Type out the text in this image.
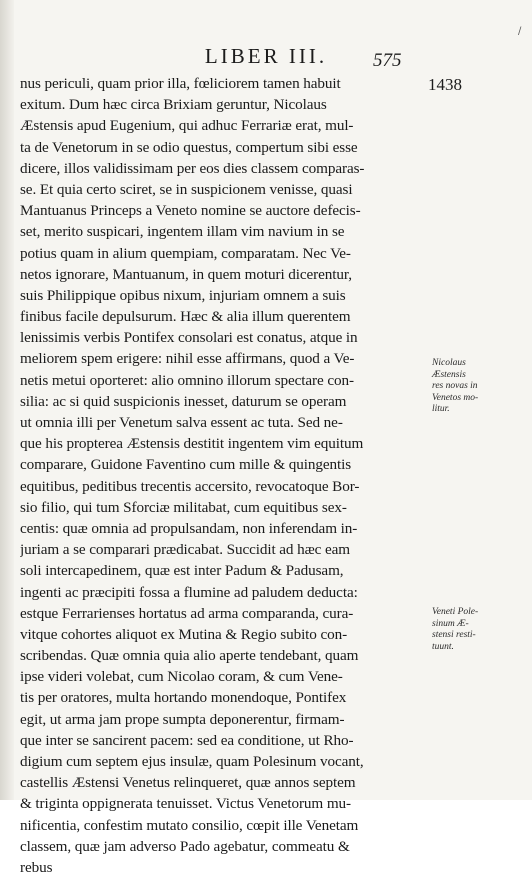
LIBER III.	575
1438
/
nus periculi, quam prior illa, fœliciorem tamen habuit
exitum. Dum hæc circa Brixiam geruntur, Nicolaus
Æstensis apud Eugenium, qui adhuc Ferrariæ erat, mul-
ta de Venetorum in se odio questus, compertum sibi esse
dicere, illos validissimam per eos dies classem comparas-
se. Et quia certo sciret, se in suspicionem venisse, quasi
Mantuanus Princeps a Veneto nomine se auctore defecis-
set, merito suspicari, ingentem illam vim navium in se
potius quam in alium quempiam, comparatam. Nec Ve-
netos ignorare, Mantuanum, in quem moturi dicerentur,
suis Philippique opibus nixum, injuriam omnem a suis
finibus facile depulsurum. Hæc & alia illum querentem
lenissimis verbis Pontifex consolari est conatus, atque in
meliorem spem erigere: nihil esse affirmans, quod a Ve-
netis metui oporteret: alio omnino illorum spectare con-
silia: ac si quid suspicionis inesset, daturum se operam
ut omnia illi per Venetum salva essent ac tuta. Sed ne-
que his propterea Æstensis destitit ingentem vim equitum
comparare, Guidone Faventino cum mille & quingentis
equitibus, peditibus trecentis accersito, revocatoque Bor-
sio filio, qui tum Sforciæ militabat, cum equitibus sex-
centis: quæ omnia ad propulsandam, non inferendam in-
juriam a se comparari prædicabat. Succidit ad hæc eam
soli intercapedinem, quæ est inter Padum & Padusam,
ingenti ac præcipiti fossa a flumine ad paludem deducta:
estque Ferrarienses hortatus ad arma comparanda, cura-
vitque cohortes aliquot ex Mutina & Regio subito con-
scribendas. Quæ omnia quia alio aperte tendebant, quam
ipse videri volebat, cum Nicolao coram, & cum Vene-
tis per oratores, multa hortando monendoque, Pontifex
egit, ut arma jam prope sumpta deponerentur, firmam-
que inter se sancirent pacem: sed ea conditione, ut Rho-
digium cum septem ejus insulæ, quam Polesinum vocant,
castellis Æstensi Venetus relinqueret, quæ annos septem
& triginta oppignerata tenuisset. Victus Venetorum mu-
nificentia, confestim mutato consilio, cœpit ille Venetam
classem, quæ jam adverso Pado agebatur, commeatu &
rebus
Nicolaus
Æstensis
res novas in
Venetos mo-
litur.
Veneti Pole-
sinum Æ-
stensi resti-
tuunt.
